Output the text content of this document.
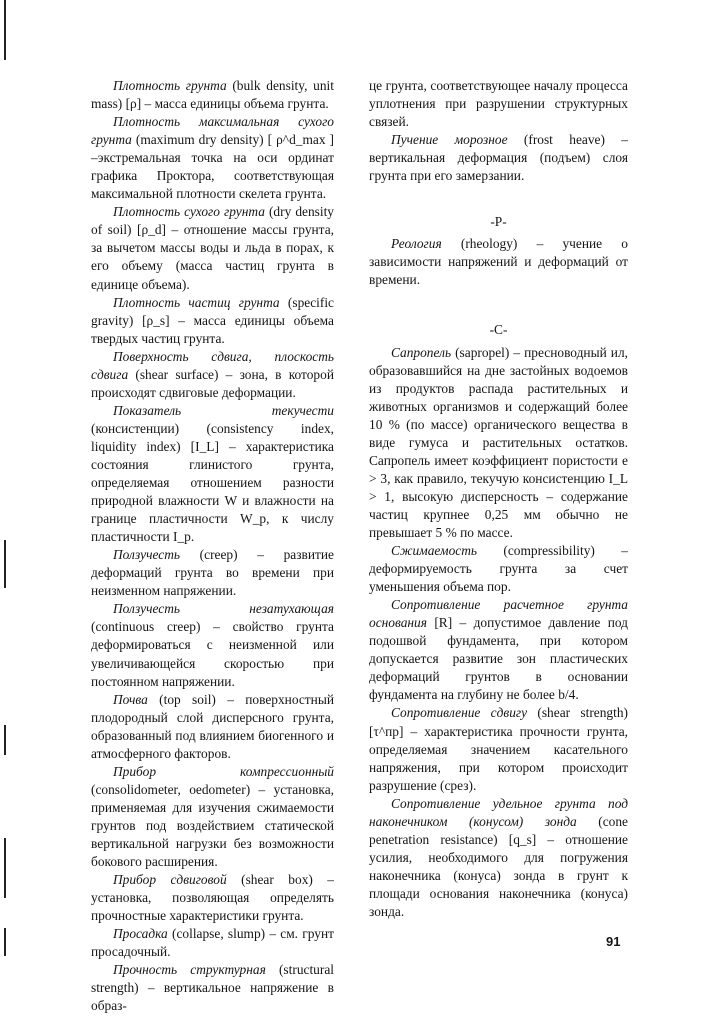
Плотность грунта (bulk density, unit mass) [ρ] – масса единицы объема грунта.

Плотность максимальная сухого грунта (maximum dry density) [ ρ^d_max ] –экстремальная точка на оси ординат графика Проктора, соответствующая максимальной плотности скелета грунта.

Плотность сухого грунта (dry density of soil) [ρ_d] – отношение массы грунта, за вычетом массы воды и льда в порах, к его объему (масса частиц грунта в единице объема).

Плотность частиц грунта (specific gravity) [ρ_s] – масса единицы объема твердых частиц грунта.

Поверхность сдвига, плоскость сдвига (shear surface) – зона, в которой происходят сдвиговые деформации.

Показатель текучести (консистенции) (consistency index, liquidity index) [I_L] – характеристика состояния глинистого грунта, определяемая отношением разности природной влажности W и влажности на границе пластичности W_p, к числу пластичности I_p.

Ползучесть (creep) – развитие деформаций грунта во времени при неизменном напряжении.

Ползучесть незатухающая (continuous creep) – свойство грунта деформироваться с неизменной или увеличивающейся скоростью при постоянном напряжении.

Почва (top soil) – поверхностный плодородный слой дисперсного грунта, образованный под влиянием биогенного и атмосферного факторов.

Прибор компрессионный (consolidometer, oedometer) – установка, применяемая для изучения сжимаемости грунтов под воздействием статической вертикальной нагрузки без возможности бокового расширения.

Прибор сдвиговой (shear box) – установка, позволяющая определять прочностные характеристики грунта.

Просадка (collapse, slump) – см. грунт просадочный.

Прочность структурная (structural strength) – вертикальное напряжение в образ-

це грунта, соответствующее началу процесса уплотнения при разрушении структурных связей.

Пучение морозное (frost heave) – вертикальная деформация (подъем) слоя грунта при его замерзании.

-Р-

Реология (rheology) – учение о зависимости напряжений и деформаций от времени.

-С-

Сапропель (sapropel) – пресноводный ил, образовавшийся на дне застойных водоемов из продуктов распада растительных и животных организмов и содержащий более 10 % (по массе) органического вещества в виде гумуса и растительных остатков. Сапропель имеет коэффициент пористости e > 3, как правило, текучую консистенцию I_L > 1, высокую дисперсность – содержание частиц крупнее 0,25 мм обычно не превышает 5 % по массе.

Сжимаемость (compressibility) – деформируемость грунта за счет уменьшения объема пор.

Сопротивление расчетное грунта основания [R] – допустимое давление под подошвой фундамента, при котором допускается развитие зон пластических деформаций грунтов в основании фундамента на глубину не более b/4.

Сопротивление сдвигу (shear strength) [τ^пр] – характеристика прочности грунта, определяемая значением касательного напряжения, при котором происходит разрушение (срез).

Сопротивление удельное грунта под наконечником (конусом) зонда (cone penetration resistance) [q_s] – отношение усилия, необходимого для погружения наконечника (конуса) зонда в грунт к площади основания наконечника (конуса) зонда.

91
